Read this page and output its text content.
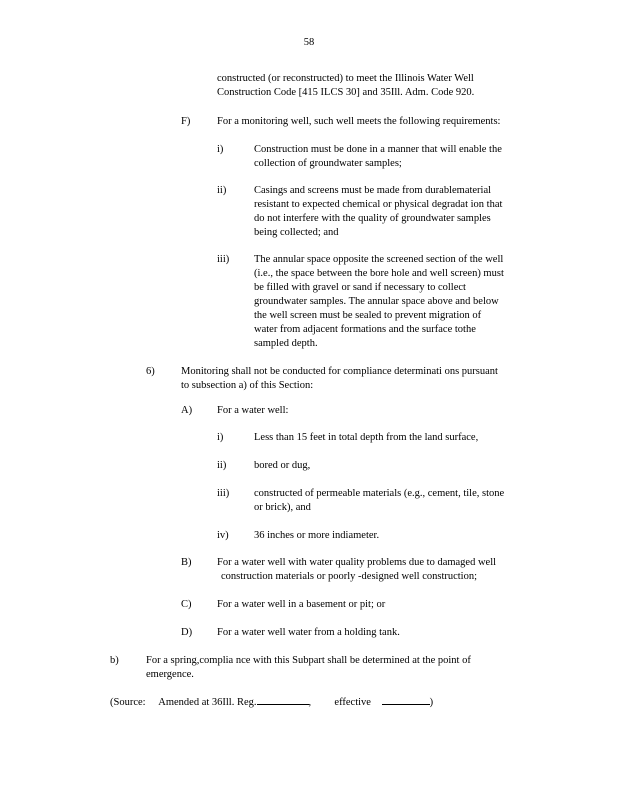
58
constructed (or reconstructed) to meet the Illinois Water Well
Construction Code [415 ILCS 30] and 35Ill. Adm. Code 920.
F)	For a monitoring well, such well meets the following requirements:
i)	Construction must be done in a manner that will enable the
collection of groundwater samples;
ii)	Casings and screens must be made from durablematerial
resistant to expected chemical or physical degradat ion that
do not interfere with the quality of groundwater samples
being collected; and
iii) The annular space opposite the screened section of the well
(i.e., the space between the bore hole and well screen) must
be filled with gravel or sand if necessary to collect
groundwater samples. The annular space above and below
the well screen must be sealed to prevent migration of
water from adjacent formations and the surface tothe
sampled depth.
6)	Monitoring shall not be conducted for compliance determinati ons pursuant
to subsection a) of this Section:
A) For a water well:
i)	Less than 15 feet in total depth from the land surface,
ii)	bored or dug,
iii) constructed of permeable materials (e.g., cement, tile, stone
or brick), and
iv) 36 inches or more indiameter.
B) For a water well with water quality problems due to damaged well
construction materials or poorly -designed well construction;
C) For a water well in a basement or pit; or
D) For a water well water from a holding tank.
b)	For a spring,complia nce with this Subpart shall be determined at the point of
emergence.
(Source: Amended at 36Ill. Reg.	, effective	)
